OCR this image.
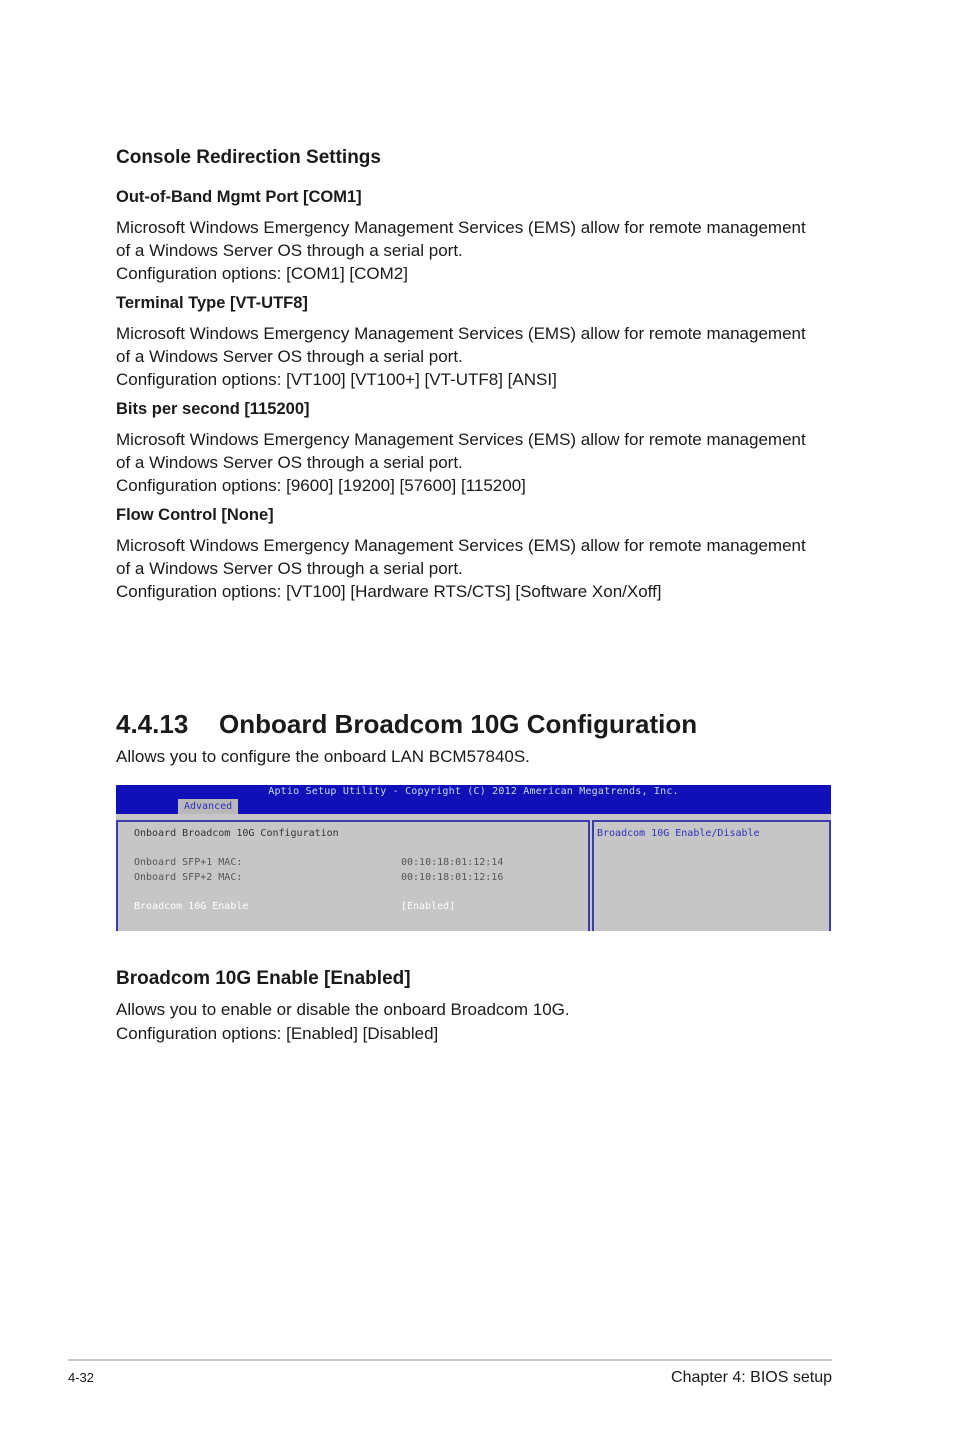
Console Redirection Settings

Out-of-Band Mgmt Port [COM1]

Microsoft Windows Emergency Management Services (EMS) allow for remote management
of a Windows Server OS through a serial port.
Configuration options: [COM1] [COM2]

Terminal Type [VT-UTF8]

Microsoft Windows Emergency Management Services (EMS) allow for remote management
of a Windows Server OS through a serial port.
Configuration options: [VT100] [VT100+] [VT-UTF8] [ANSI]

Bits per second [115200]

Microsoft Windows Emergency Management Services (EMS) allow for remote management
of a Windows Server OS through a serial port.
Configuration options: [9600] [19200] [57600] [115200]

Flow Control [None]

Microsoft Windows Emergency Management Services (EMS) allow for remote management
of a Windows Server OS through a serial port.
Configuration options: [VT100] [Hardware RTS/CTS] [Software Xon/Xoff]

4.4.13 Onboard Broadcom 10G Configuration

Allows you to configure the onboard LAN BCM57840S.

Aptio Setup Utility - Copyright (C) 2012 American Megatrends, Inc.
Advanced
Onboard Broadcom 10G Configuration
Onboard SFP+1 MAC:	00:10:18:01:12:14
Onboard SFP+2 MAC:	00:10:18:01:12:16
Broadcom 10G Enable	[Enabled]
Broadcom 10G Enable/Disable
Broadcom 10G Enable [Enabled]

Allows you to enable or disable the onboard Broadcom 10G.
Configuration options: [Enabled] [Disabled]

4-32	Chapter 4: BIOS setup
